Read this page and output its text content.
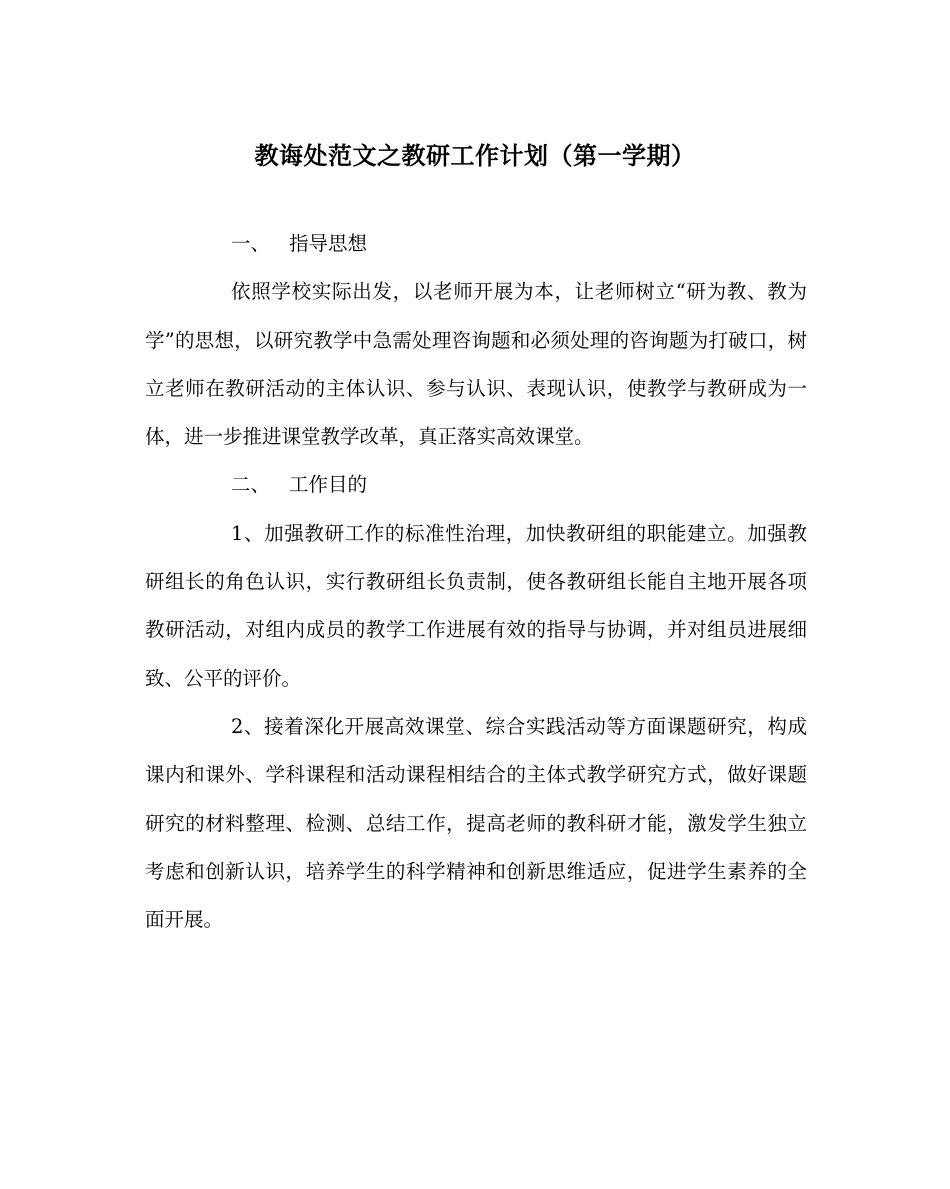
教诲处范文之教研工作计划（第一学期）

一、 指导思想

依照学校实际出发，以老师开展为本，让老师树立“研为教、教为学”的思想，以研究教学中急需处理咨询题和必须处理的咨询题为打破口，树立老师在教研活动的主体认识、参与认识、表现认识，使教学与教研成为一体，进一步推进课堂教学改革，真正落实高效课堂。

二、 工作目的

1、加强教研工作的标准性治理，加快教研组的职能建立。加强教研组长的角色认识，实行教研组长负责制，使各教研组长能自主地开展各项教研活动，对组内成员的教学工作进展有效的指导与协调，并对组员进展细致、公平的评价。

2、接着深化开展高效课堂、综合实践活动等方面课题研究，构成课内和课外、学科课程和活动课程相结合的主体式教学研究方式，做好课题研究的材料整理、检测、总结工作，提高老师的教科研才能，激发学生独立考虑和创新认识，培养学生的科学精神和创新思维适应，促进学生素养的全面开展。
